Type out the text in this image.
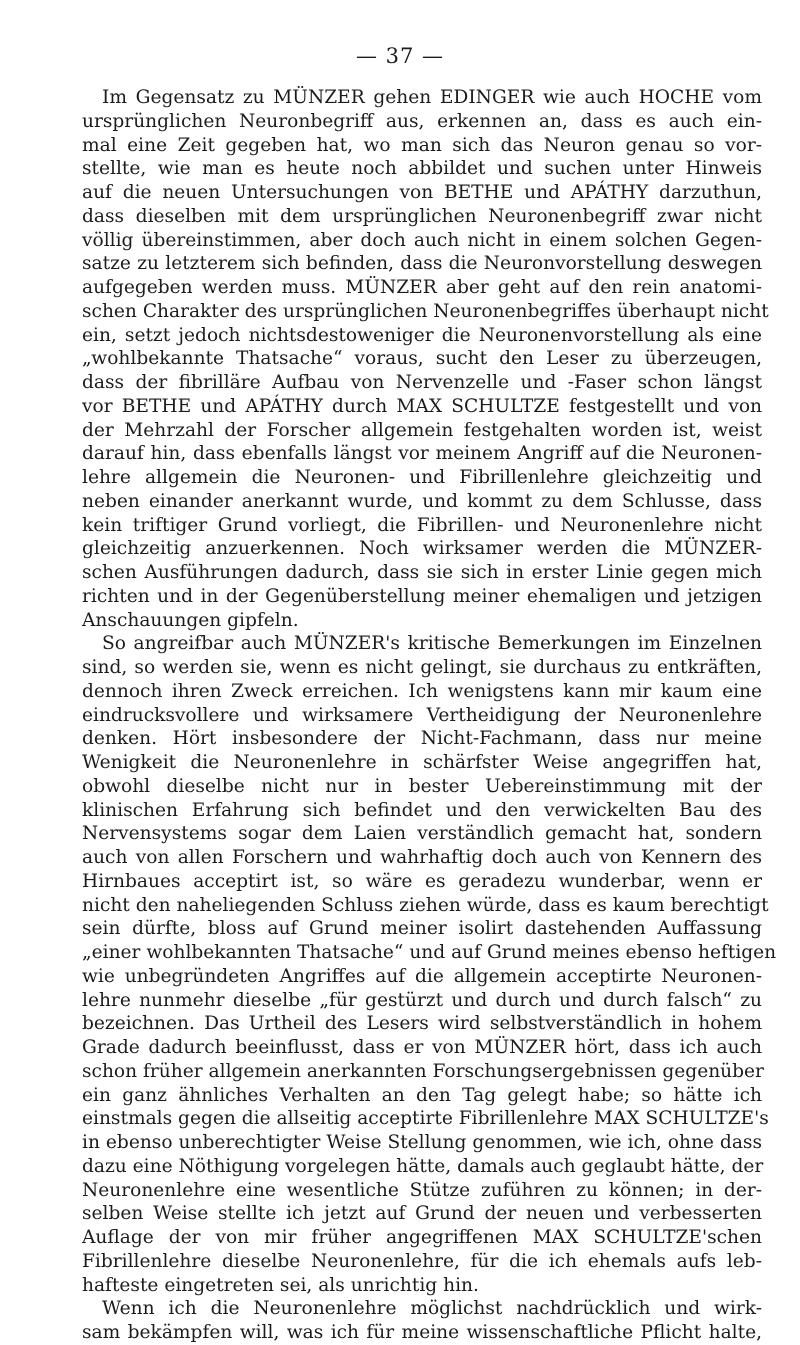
— 37 —
Im Gegensatz zu MÜNZER gehen EDINGER wie auch HOCHE vom
ursprünglichen Neuronbegriff aus, erkennen an, dass es auch ein-
mal eine Zeit gegeben hat, wo man sich das Neuron genau so vor-
stellte, wie man es heute noch abbildet und suchen unter Hinweis
auf die neuen Untersuchungen von BETHE und APÁTHY darzuthun,
dass dieselben mit dem ursprünglichen Neuronenbegriff zwar nicht
völlig übereinstimmen, aber doch auch nicht in einem solchen Gegen-
satze zu letzterem sich befinden, dass die Neuronvorstellung deswegen
aufgegeben werden muss. MÜNZER aber geht auf den rein anatomi-
schen Charakter des ursprünglichen Neuronenbegriffes überhaupt nicht
ein, setzt jedoch nichtsdestoweniger die Neuronenvorstellung als eine
„wohlbekannte Thatsache“ voraus, sucht den Leser zu überzeugen,
dass der fibrilläre Aufbau von Nervenzelle und -Faser schon längst
vor BETHE und APÁTHY durch MAX SCHULTZE festgestellt und von
der Mehrzahl der Forscher allgemein festgehalten worden ist, weist
darauf hin, dass ebenfalls längst vor meinem Angriff auf die Neuronen-
lehre allgemein die Neuronen- und Fibrillenlehre gleichzeitig und
neben einander anerkannt wurde, und kommt zu dem Schlusse, dass
kein triftiger Grund vorliegt, die Fibrillen- und Neuronenlehre nicht
gleichzeitig anzuerkennen. Noch wirksamer werden die MÜNZER-
schen Ausführungen dadurch, dass sie sich in erster Linie gegen mich
richten und in der Gegenüberstellung meiner ehemaligen und jetzigen
Anschauungen gipfeln.
So angreifbar auch MÜNZER's kritische Bemerkungen im Einzelnen
sind, so werden sie, wenn es nicht gelingt, sie durchaus zu entkräften,
dennoch ihren Zweck erreichen. Ich wenigstens kann mir kaum eine
eindrucksvollere und wirksamere Vertheidigung der Neuronenlehre
denken. Hört insbesondere der Nicht-Fachmann, dass nur meine
Wenigkeit die Neuronenlehre in schärfster Weise angegriffen hat,
obwohl dieselbe nicht nur in bester Uebereinstimmung mit der
klinischen Erfahrung sich befindet und den verwickelten Bau des
Nervensystems sogar dem Laien verständlich gemacht hat, sondern
auch von allen Forschern und wahrhaftig doch auch von Kennern des
Hirnbaues acceptirt ist, so wäre es geradezu wunderbar, wenn er
nicht den naheliegenden Schluss ziehen würde, dass es kaum berechtigt
sein dürfte, bloss auf Grund meiner isolirt dastehenden Auffassung
„einer wohlbekannten Thatsache“ und auf Grund meines ebenso heftigen
wie unbegründeten Angriffes auf die allgemein acceptirte Neuronen-
lehre nunmehr dieselbe „für gestürzt und durch und durch falsch“ zu
bezeichnen. Das Urtheil des Lesers wird selbstverständlich in hohem
Grade dadurch beeinflusst, dass er von MÜNZER hört, dass ich auch
schon früher allgemein anerkannten Forschungsergebnissen gegenüber
ein ganz ähnliches Verhalten an den Tag gelegt habe; so hätte ich
einstmals gegen die allseitig acceptirte Fibrillenlehre MAX SCHULTZE's
in ebenso unberechtigter Weise Stellung genommen, wie ich, ohne dass
dazu eine Nöthigung vorgelegen hätte, damals auch geglaubt hätte, der
Neuronenlehre eine wesentliche Stütze zuführen zu können; in der-
selben Weise stellte ich jetzt auf Grund der neuen und verbesserten
Auflage der von mir früher angegriffenen MAX SCHULTZE'schen
Fibrillenlehre dieselbe Neuronenlehre, für die ich ehemals aufs leb-
hafteste eingetreten sei, als unrichtig hin.
Wenn ich die Neuronenlehre möglichst nachdrücklich und wirk-
sam bekämpfen will, was ich für meine wissenschaftliche Pflicht halte,
